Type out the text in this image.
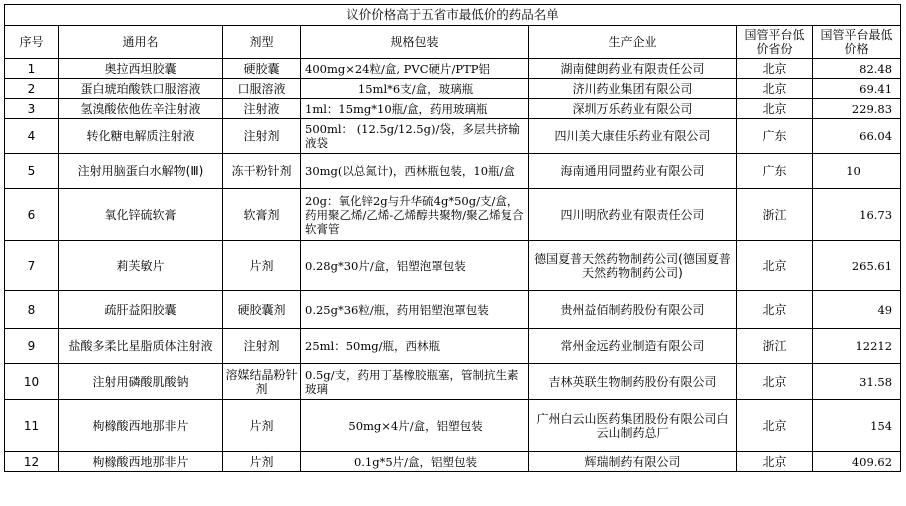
议价价格高于五省市最低价的药品名单						
序号	通用名	剂型	规格包装	生产企业	国管平台低价省份	国管平台最低价格
1	奥拉西坦胶囊	硬胶囊	400mg×24粒/盒, PVC硬片/PTP铝	湖南健朗药业有限责任公司	北京	82.48
2	蛋白琥珀酸铁口服溶液	口服溶液	15ml*6支/盒，玻璃瓶	济川药业集团有限公司	北京	69.41
3	氢溴酸依他佐辛注射液	注射液	1ml：15mg*10瓶/盒，药用玻璃瓶	深圳万乐药业有限公司	北京	229.83
4	转化糖电解质注射液	注射剂	500ml： (12.5g/12.5g)/袋，多层共挤输液袋	四川美大康佳乐药业有限公司	广东	66.04
5	注射用脑蛋白水解物(Ⅲ)	冻干粉针剂	30mg(以总氮计)，西林瓶包装，10瓶/盒	海南通用同盟药业有限公司	广东	10
6	氧化锌硫软膏	软膏剂	20g：氧化锌2g与升华硫4g*50g/支/盒，药用聚乙烯/乙烯-乙烯醇共聚物/聚乙烯复合软膏管	四川明欣药业有限责任公司	浙江	16.73
7	莉芙敏片	片剂	0.28g*30片/盒，铝塑泡罩包装	德国夏普天然药物制药公司(德国夏普天然药物制药公司)	北京	265.61
8	疏肝益阳胶囊	硬胶囊剂	0.25g*36粒/瓶，药用铝塑泡罩包装	贵州益佰制药股份有限公司	北京	49
9	盐酸多柔比星脂质体注射液	注射剂	25ml：50mg/瓶，西林瓶	常州金远药业制造有限公司	浙江	12212
10	注射用磷酸肌酸钠	溶媒结晶粉针剂	0.5g/支，药用丁基橡胶瓶塞，管制抗生素玻璃	吉林英联生物制药股份有限公司	北京	31.58
11	枸橼酸西地那非片	片剂	50mg×4片/盒，铝塑包装	广州白云山医药集团股份有限公司白云山制药总厂	北京	154
12	枸橼酸西地那非片	片剂	0.1g*5片/盒，铝塑包装	辉瑞制药有限公司	北京	409.62
